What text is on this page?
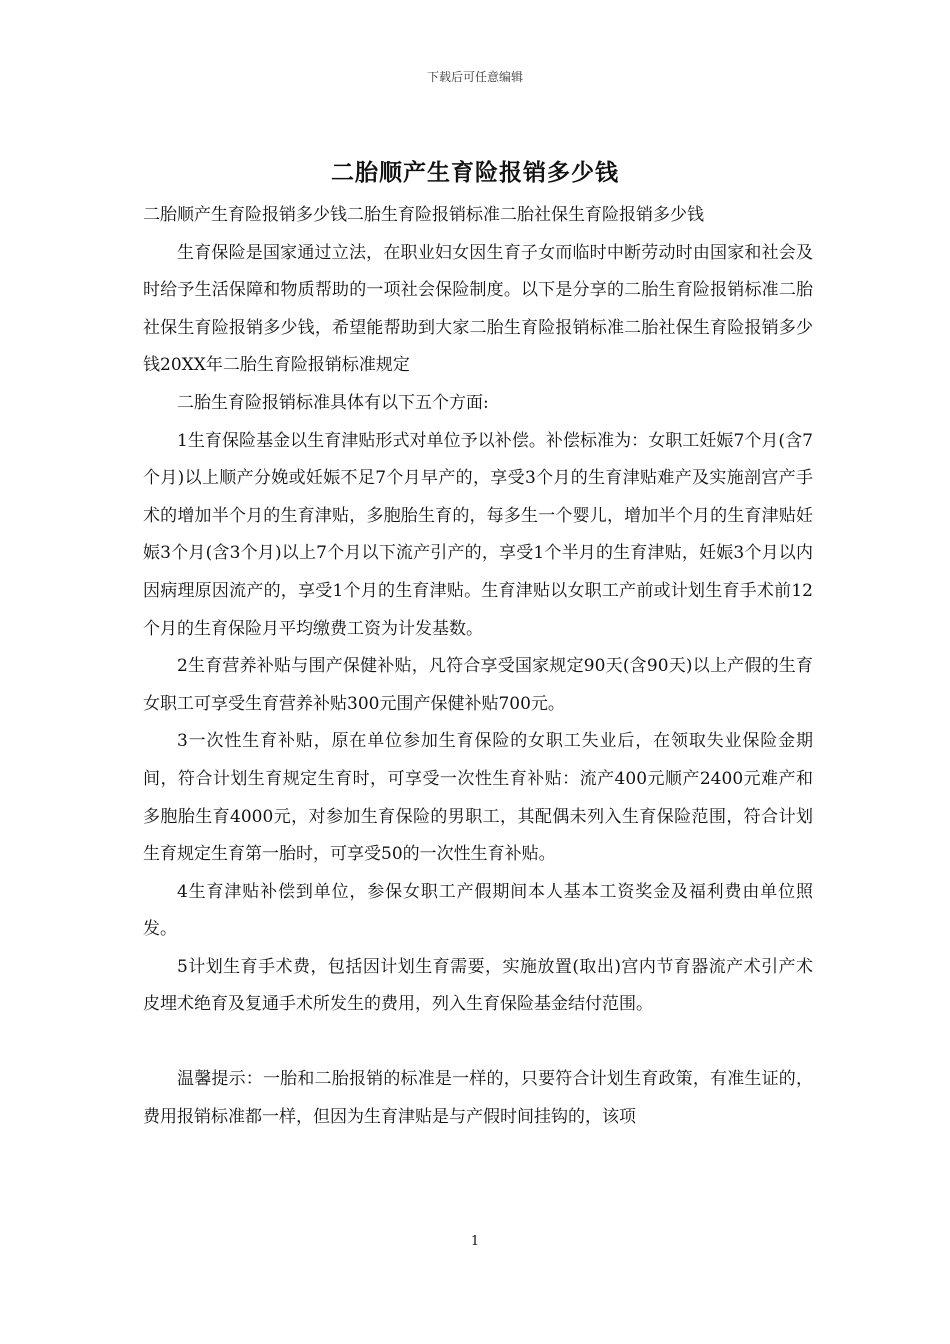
下载后可任意编辑
二胎顺产生育险报销多少钱

二胎顺产生育险报销多少钱二胎生育险报销标准二胎社保生育险报销多少钱

生育保险是国家通过立法，在职业妇女因生育子女而临时中断劳动时由国家和社会及时给予生活保障和物质帮助的一项社会保险制度。以下是分享的二胎生育险报销标准二胎社保生育险报销多少钱，希望能帮助到大家二胎生育险报销标准二胎社保生育险报销多少钱20XX年二胎生育险报销标准规定

二胎生育险报销标准具体有以下五个方面:

1生育保险基金以生育津贴形式对单位予以补偿。补偿标准为：女职工妊娠7个月(含7个月)以上顺产分娩或妊娠不足7个月早产的，享受3个月的生育津贴难产及实施剖宫产手术的增加半个月的生育津贴，多胞胎生育的，每多生一个婴儿，增加半个月的生育津贴妊娠3个月(含3个月)以上7个月以下流产引产的，享受1个半月的生育津贴，妊娠3个月以内因病理原因流产的，享受1个月的生育津贴。生育津贴以女职工产前或计划生育手术前12个月的生育保险月平均缴费工资为计发基数。

2生育营养补贴与围产保健补贴，凡符合享受国家规定90天(含90天)以上产假的生育女职工可享受生育营养补贴300元围产保健补贴700元。

3一次性生育补贴，原在单位参加生育保险的女职工失业后，在领取失业保险金期间，符合计划生育规定生育时，可享受一次性生育补贴：流产400元顺产2400元难产和多胞胎生育4000元，对参加生育保险的男职工，其配偶未列入生育保险范围，符合计划生育规定生育第一胎时，可享受50的一次性生育补贴。

4生育津贴补偿到单位，参保女职工产假期间本人基本工资奖金及福利费由单位照发。

5计划生育手术费，包括因计划生育需要，实施放置(取出)宫内节育器流产术引产术皮埋术绝育及复通手术所发生的费用，列入生育保险基金结付范围。

温馨提示：一胎和二胎报销的标准是一样的，只要符合计划生育政策，有准生证的，费用报销标准都一样，但因为生育津贴是与产假时间挂钩的，该项

1
